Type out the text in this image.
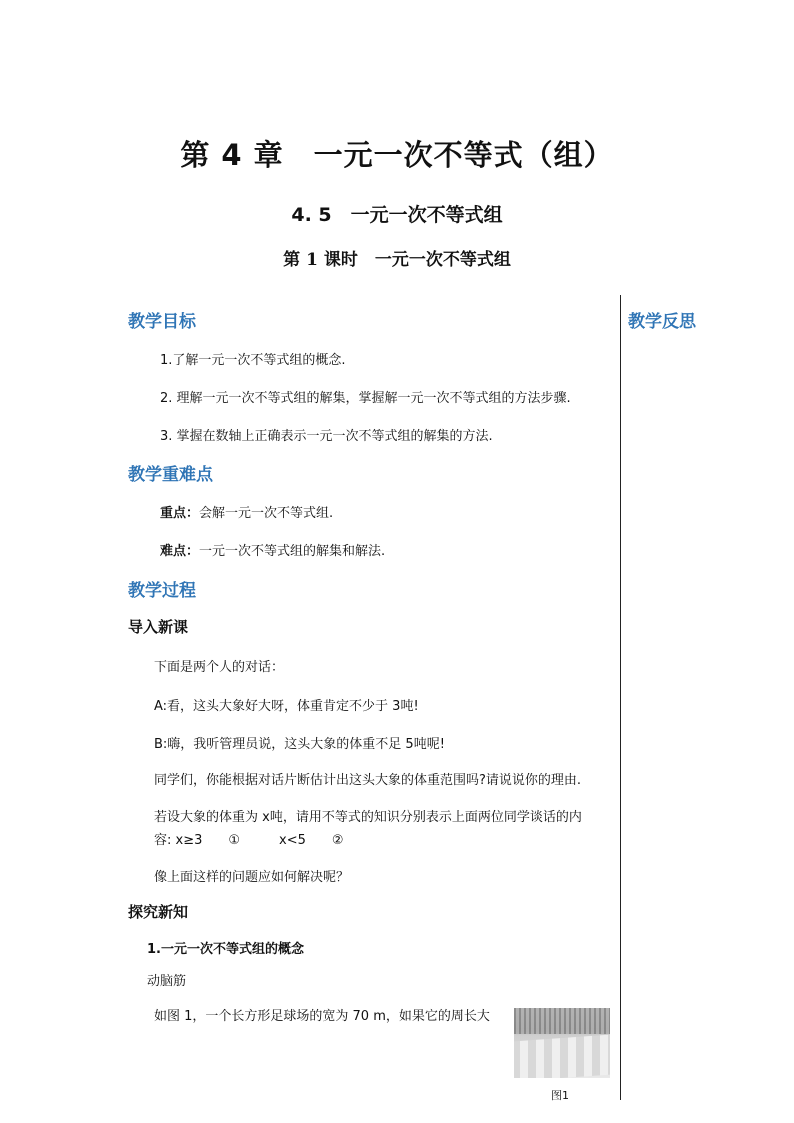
第 4 章　一元一次不等式（组）
4. 5　一元一次不等式组
第 1 课时　一元一次不等式组
教学反思
教学目标
1.了解一元一次不等式组的概念.
2. 理解一元一次不等式组的解集，掌握解一元一次不等式组的方法步骤.
3. 掌握在数轴上正确表示一元一次不等式组的解集的方法.
教学重难点
重点：会解一元一次不等式组.
难点：一元一次不等式组的解集和解法.
教学过程
导入新课
下面是两个人的对话：
A:看，这头大象好大呀，体重肯定不少于 3吨!
B:嗨，我听管理员说，这头大象的体重不足 5吨呢!
同学们，你能根据对话片断估计出这头大象的体重范围吗?请说说你的理由.
若设大象的体重为 x吨，请用不等式的知识分别表示上面两位同学谈话的内
容: x≥3　　①　　　x<5　　②
像上面这样的问题应如何解决呢？
探究新知
1.一元一次不等式组的概念
动脑筋
如图 1，一个长方形足球场的宽为 70 m，如果它的周长大
图1
